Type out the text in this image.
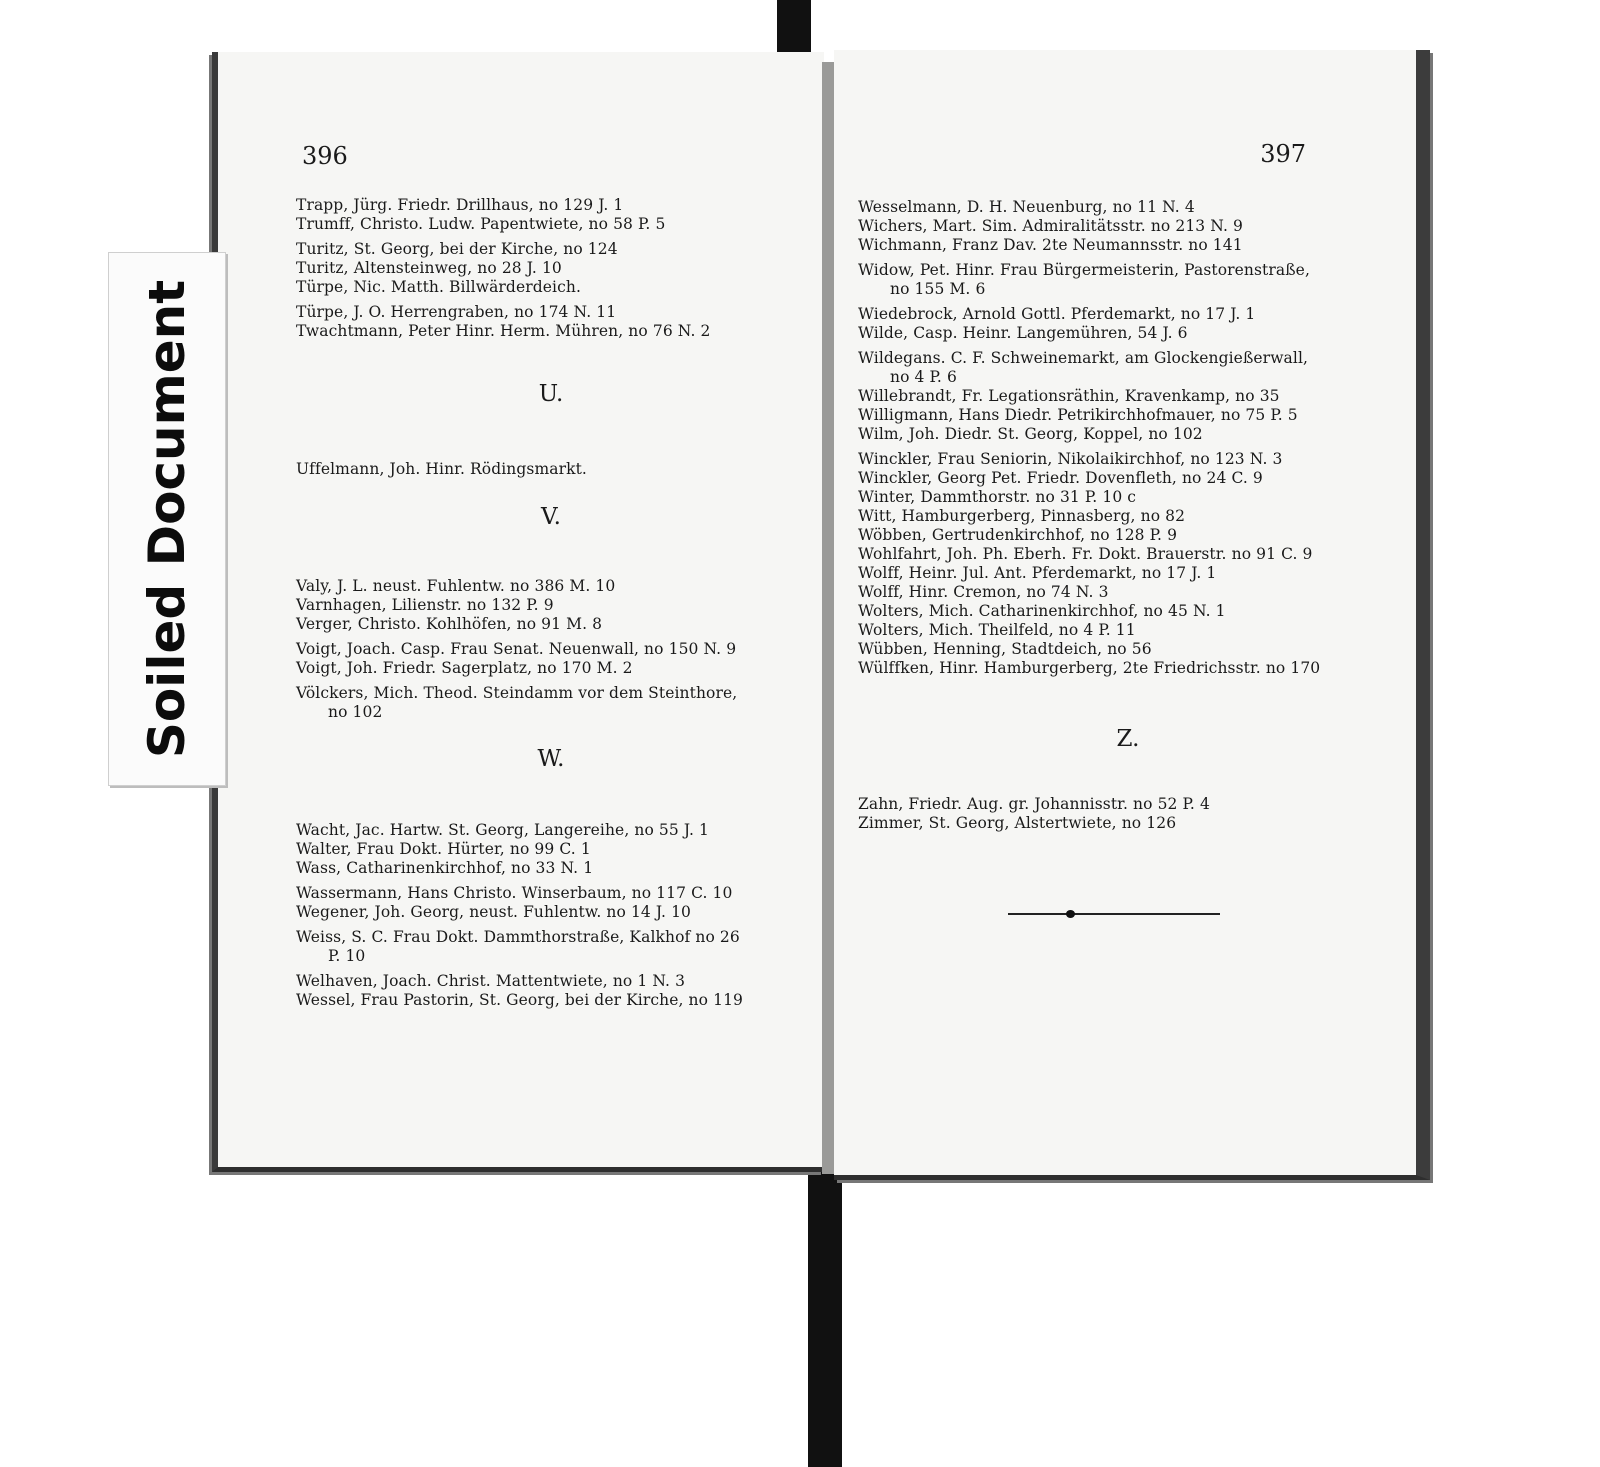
396
Trapp, Jürg. Friedr. Drillhaus, no 129 J. 1
Trumff, Christo. Ludw. Papentwiete, no 58 P. 5
Turitz, St. Georg, bei der Kirche, no 124
Turitz, Altensteinweg, no 28 J. 10
Türpe, Nic. Matth. Billwärderdeich.
Türpe, J. O. Herrengraben, no 174 N. 11
Twachtmann, Peter Hinr. Herm. Mühren, no 76 N. 2
U.
Uffelmann, Joh. Hinr. Rödingsmarkt.
V.
Valy, J. L. neust. Fuhlentw. no 386 M. 10
Varnhagen, Lilienstr. no 132 P. 9
Verger, Christo. Kohlhöfen, no 91 M. 8
Voigt, Joach. Casp. Frau Senat. Neuenwall, no 150 N. 9
Voigt, Joh. Friedr. Sagerplatz, no 170 M. 2
Völckers, Mich. Theod. Steindamm vor dem Steinthore,
no 102
W.
Wacht, Jac. Hartw. St. Georg, Langereihe, no 55 J. 1
Walter, Frau Dokt. Hürter, no 99 C. 1
Wass, Catharinenkirchhof, no 33 N. 1
Wassermann, Hans Christo. Winserbaum, no 117 C. 10
Wegener, Joh. Georg, neust. Fuhlentw. no 14 J. 10
Weiss, S. C. Frau Dokt. Dammthorstraße, Kalkhof no 26
P. 10
Welhaven, Joach. Christ. Mattentwiete, no 1 N. 3
Wessel, Frau Pastorin, St. Georg, bei der Kirche, no 119
397
Wesselmann, D. H. Neuenburg, no 11 N. 4
Wichers, Mart. Sim. Admiralitätsstr. no 213 N. 9
Wichmann, Franz Dav. 2te Neumannsstr. no 141
Widow, Pet. Hinr. Frau Bürgermeisterin, Pastorenstraße,
no 155 M. 6
Wiedebrock, Arnold Gottl. Pferdemarkt, no 17 J. 1
Wilde, Casp. Heinr. Langemühren, 54 J. 6
Wildegans. C. F. Schweinemarkt, am Glockengießerwall,
no 4 P. 6
Willebrandt, Fr. Legationsräthin, Kravenkamp, no 35
Willigmann, Hans Diedr. Petrikirchhofmauer, no 75 P. 5
Wilm, Joh. Diedr. St. Georg, Koppel, no 102
Winckler, Frau Seniorin, Nikolaikirchhof, no 123 N. 3
Winckler, Georg Pet. Friedr. Dovenfleth, no 24 C. 9
Winter, Dammthorstr. no 31 P. 10 c
Witt, Hamburgerberg, Pinnasberg, no 82
Wöbben, Gertrudenkirchhof, no 128 P. 9
Wohlfahrt, Joh. Ph. Eberh. Fr. Dokt. Brauerstr. no 91 C. 9
Wolff, Heinr. Jul. Ant. Pferdemarkt, no 17 J. 1
Wolff, Hinr. Cremon, no 74 N. 3
Wolters, Mich. Catharinenkirchhof, no 45 N. 1
Wolters, Mich. Theilfeld, no 4 P. 11
Wübben, Henning, Stadtdeich, no 56
Wülffken, Hinr. Hamburgerberg, 2te Friedrichsstr. no 170
Z.
Zahn, Friedr. Aug. gr. Johannisstr. no 52 P. 4
Zimmer, St. Georg, Alstertwiete, no 126
Soiled Document
